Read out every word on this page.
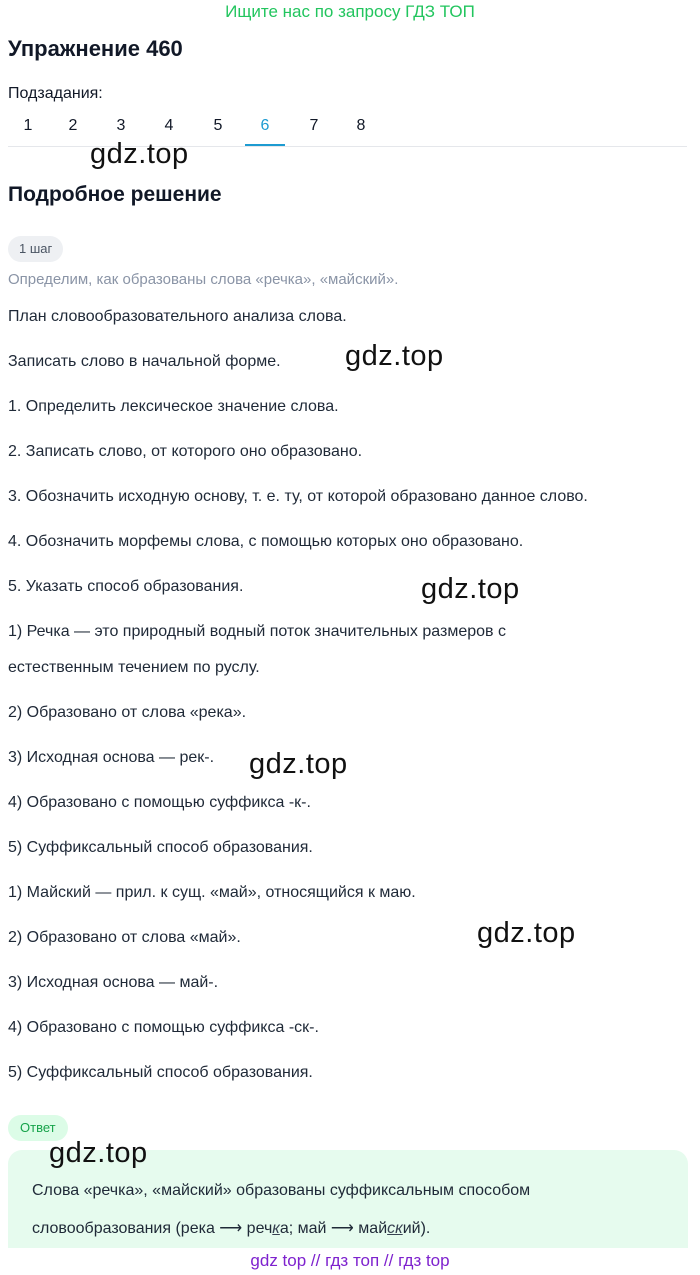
Ищите нас по запросу ГДЗ ТОП
Упражнение 460
Подзадания:
1	2	3	4	5	6	7	8
Подробное решение
1 шаг
Определим, как образованы слова «речка», «майский».
План словообразовательного анализа слова.
Записать слово в начальной форме.
1. Определить лексическое значение слова.
2. Записать слово, от которого оно образовано.
3. Обозначить исходную основу, т. е. ту, от которой образовано данное слово.
4. Обозначить морфемы слова, с помощью которых оно образовано.
5. Указать способ образования.
1) Речка — это природный водный поток значительных размеров с
естественным течением по руслу.
2) Образовано от слова «река».
3) Исходная основа — рек-.
4) Образовано с помощью суффикса -к-.
5) Суффиксальный способ образования.
1) Майский — прил. к сущ. «май», относящийся к маю.
2) Образовано от слова «май».
3) Исходная основа — май-.
4) Образовано с помощью суффикса -ск-.
5) Суффиксальный способ образования.
Ответ
Слова «речка», «майский» образованы суффиксальным способом
словообразования (река ⟶ речка; май ⟶ майский).
gdz.top
gdz.top
gdz.top
gdz.top
gdz.top
gdz.top
gdz top // гдз топ // гдз top
